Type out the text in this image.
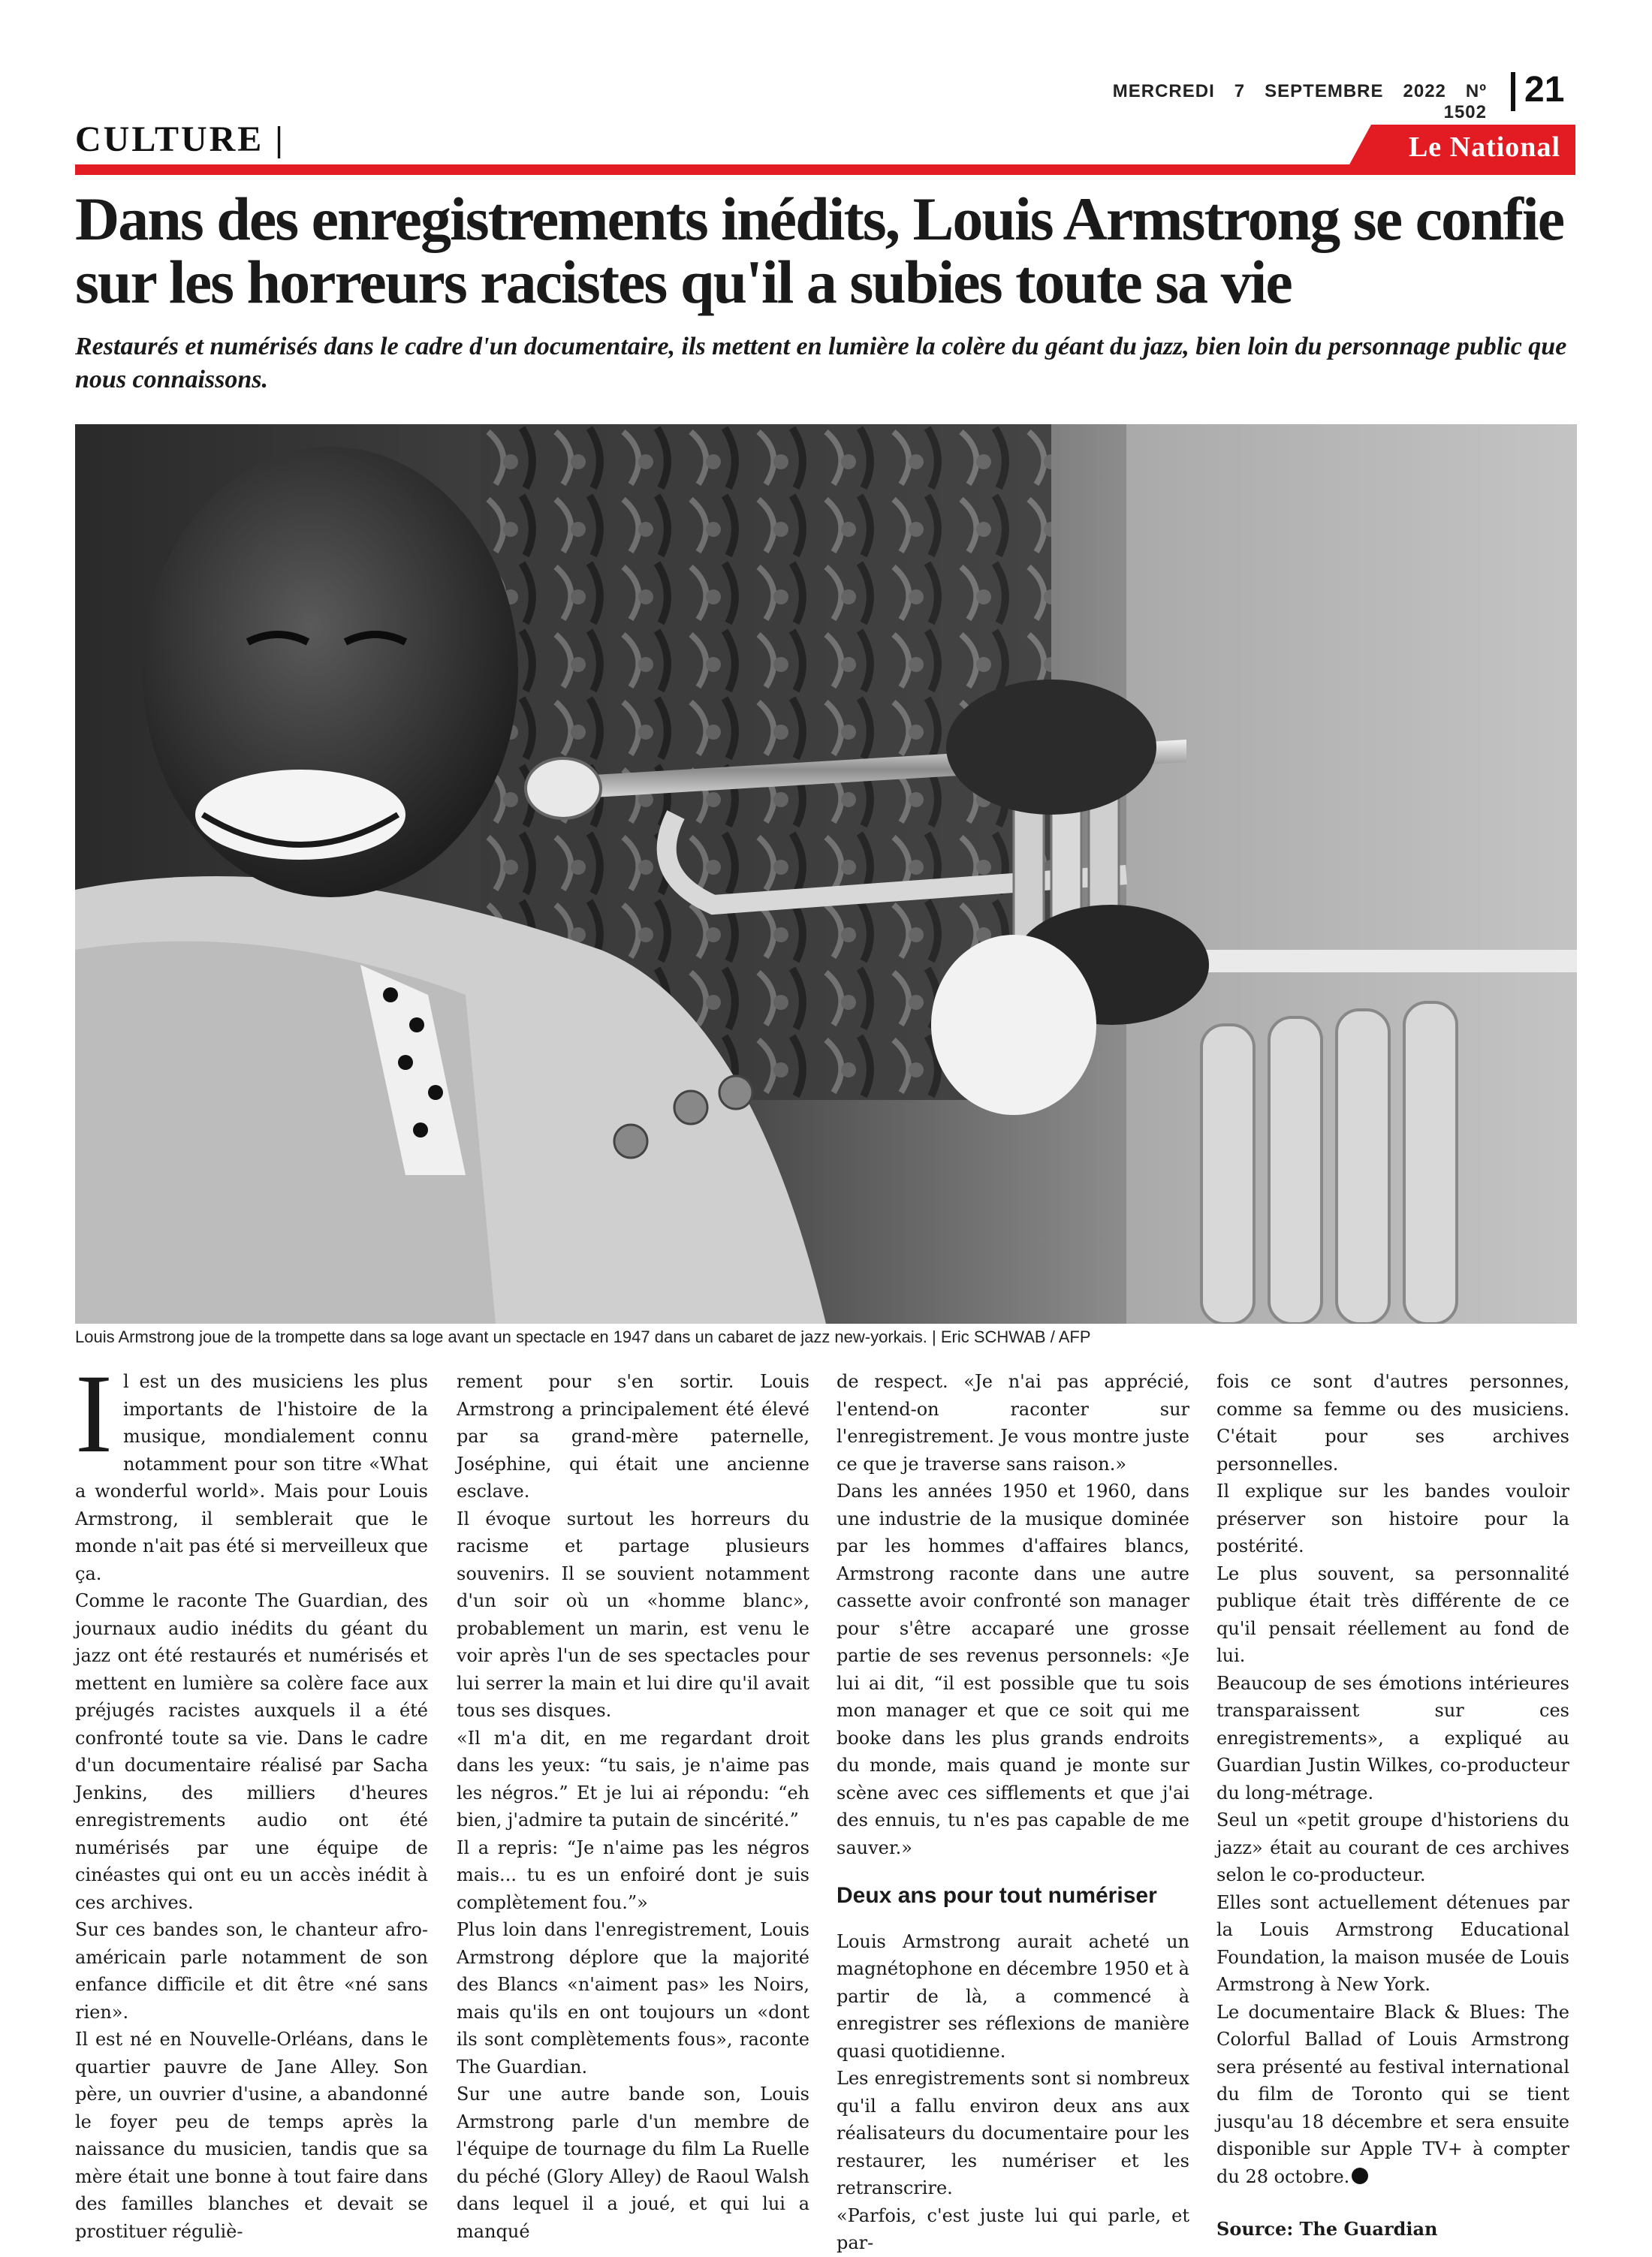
MERCREDI 7 SEPTEMBRE 2022 Nº 1502
21
CULTURE |	Le National
Dans des enregistrements inédits, Louis Armstrong se confie
sur les horreurs racistes qu'il a subies toute sa vie
Restaurés et numérisés dans le cadre d'un documentaire, ils mettent en lumière la colère du géant du jazz, bien loin du personnage public que nous connaissons.
Louis Armstrong joue de la trompette dans sa loge avant un spectacle en 1947 dans un cabaret de jazz new-yorkais. | Eric SCHWAB / AFP

Il est un des musiciens les plus importants de l'histoire de la musique, mondialement connu notamment pour son titre «What a wonderful world». Mais pour Louis Armstrong, il semblerait que le monde n'ait pas été si merveilleux que ça.

Comme le raconte The Guardian, des journaux audio inédits du géant du jazz ont été restaurés et numérisés et mettent en lumière sa colère face aux préjugés racistes auxquels il a été confronté toute sa vie. Dans le cadre d'un documentaire réalisé par Sacha Jenkins, des milliers d'heures enregistrements audio ont été numérisés par une équipe de cinéastes qui ont eu un accès inédit à ces archives.

Sur ces bandes son, le chanteur afro-américain parle notamment de son enfance difficile et dit être «né sans rien».

Il est né en Nouvelle-Orléans, dans le quartier pauvre de Jane Alley. Son père, un ouvrier d'usine, a abandonné le foyer peu de temps après la naissance du musicien, tandis que sa mère était une bonne à tout faire dans des familles blanches et devait se prostituer réguliè-

rement pour s'en sortir. Louis Armstrong a principalement été élevé par sa grand-mère paternelle, Joséphine, qui était une ancienne esclave.

Il évoque surtout les horreurs du racisme et partage plusieurs souvenirs. Il se souvient notamment d'un soir où un «homme blanc», probablement un marin, est venu le voir après l'un de ses spectacles pour lui serrer la main et lui dire qu'il avait tous ses disques.

«Il m'a dit, en me regardant droit dans les yeux: “tu sais, je n'aime pas les négros.” Et je lui ai répondu: “eh bien, j'admire ta putain de sincérité.”

Il a repris: “Je n'aime pas les négros mais... tu es un enfoiré dont je suis complètement fou.”»

Plus loin dans l'enregistrement, Louis Armstrong déplore que la majorité des Blancs «n'aiment pas» les Noirs, mais qu'ils en ont toujours un «dont ils sont complètements fous», raconte The Guardian.

Sur une autre bande son, Louis Armstrong parle d'un membre de l'équipe de tournage du film La Ruelle du péché (Glory Alley) de Raoul Walsh dans lequel il a joué, et qui lui a manqué

de respect. «Je n'ai pas apprécié, l'entend-on raconter sur l'enregistrement. Je vous montre juste ce que je traverse sans raison.»

Dans les années 1950 et 1960, dans une industrie de la musique dominée par les hommes d'affaires blancs, Armstrong raconte dans une autre cassette avoir confronté son manager pour s'être accaparé une grosse partie de ses revenus personnels: «Je lui ai dit, “il est possible que tu sois mon manager et que ce soit qui me booke dans les plus grands endroits du monde, mais quand je monte sur scène avec ces sifflements et que j'ai des ennuis, tu n'es pas capable de me sauver.»

Deux ans pour tout numériser

Louis Armstrong aurait acheté un magnétophone en décembre 1950 et à partir de là, a commencé à enregistrer ses réflexions de manière quasi quotidienne.

Les enregistrements sont si nombreux qu'il a fallu environ deux ans aux réalisateurs du documentaire pour les restaurer, les numériser et les retranscrire.

«Parfois, c'est juste lui qui parle, et par-

fois ce sont d'autres personnes, comme sa femme ou des musiciens. C'était pour ses archives personnelles.

Il explique sur les bandes vouloir préserver son histoire pour la postérité.

Le plus souvent, sa personnalité publique était très différente de ce qu'il pensait réellement au fond de lui.

Beaucoup de ses émotions intérieures transparaissent sur ces enregistrements», a expliqué au Guardian Justin Wilkes, co-producteur du long-métrage.

Seul un «petit groupe d'historiens du jazz» était au courant de ces archives selon le co-producteur.

Elles sont actuellement détenues par la Louis Armstrong Educational Foundation, la maison musée de Louis Armstrong à New York.

Le documentaire Black & Blues: The Colorful Ballad of Louis Armstrong sera présenté au festival international du film de Toronto qui se tient jusqu'au 18 décembre et sera ensuite disponible sur Apple TV+ à compter du 28 octobre.

Source: The Guardian
